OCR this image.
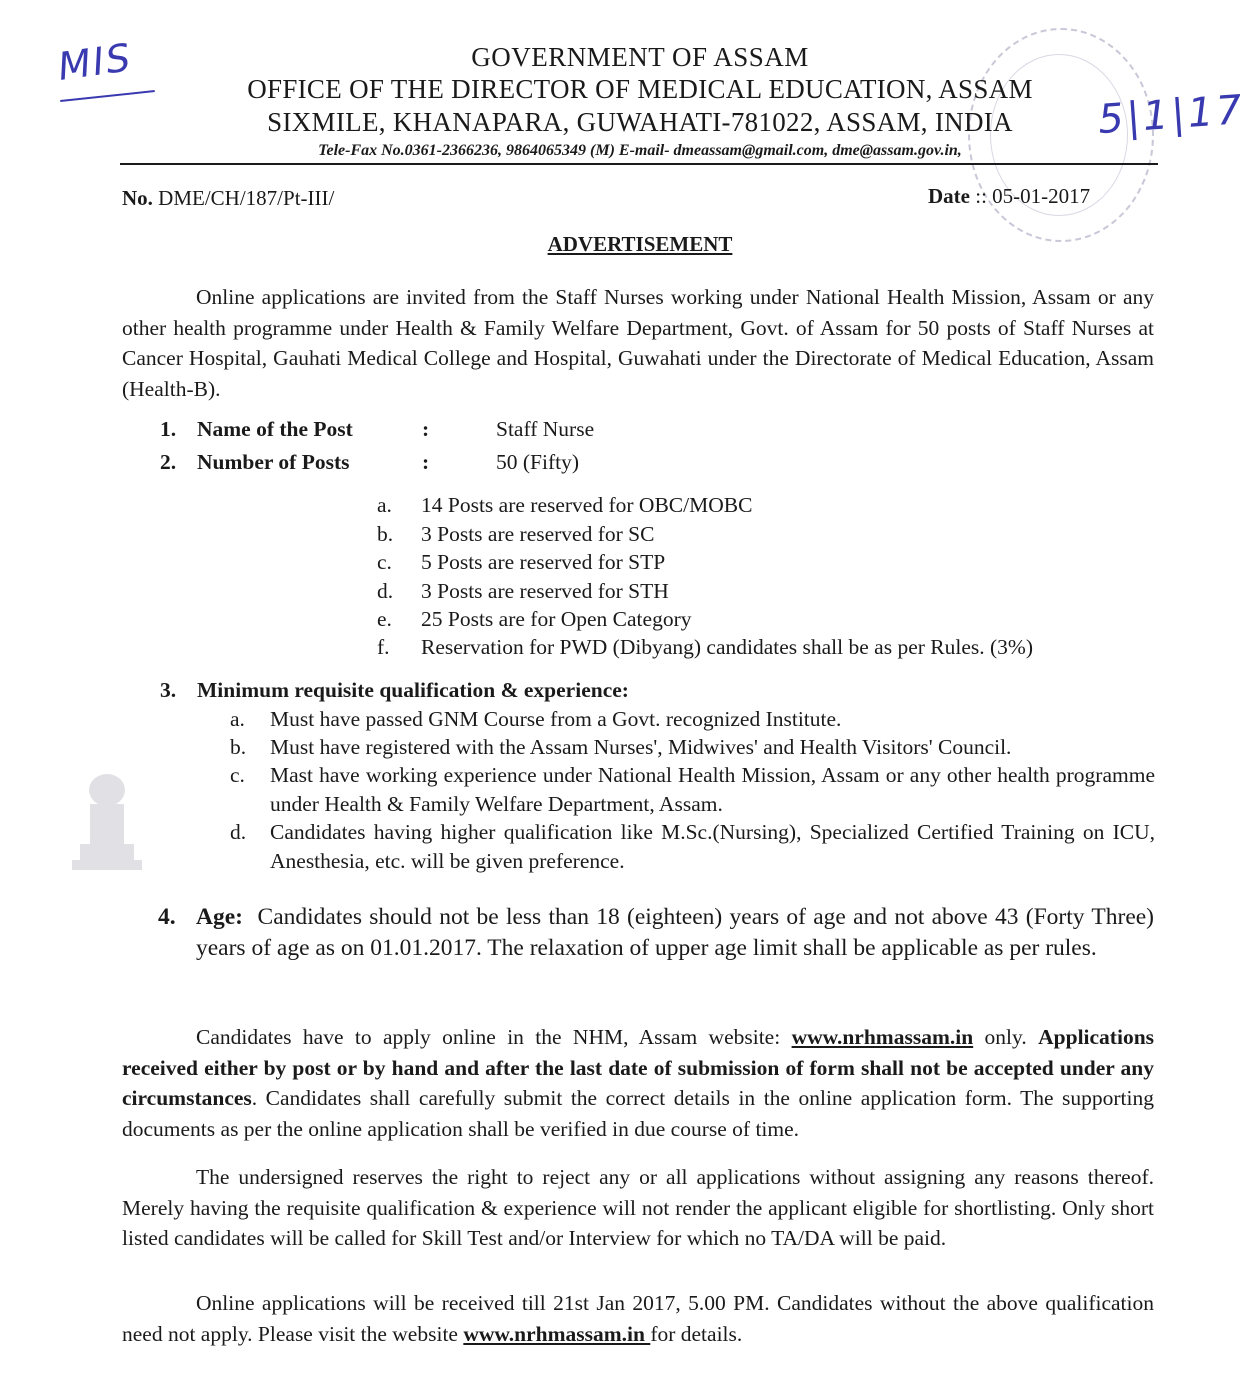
MIS
5|1|17
GOVERNMENT OF ASSAM
OFFICE OF THE DIRECTOR OF MEDICAL EDUCATION, ASSAM
SIXMILE, KHANAPARA, GUWAHATI-781022, ASSAM, INDIA
Tele-Fax No.0361-2366236, 9864065349 (M) E-mail- dmeassam@gmail.com, dme@assam.gov.in,
No. DME/CH/187/Pt-III/	Date :: 05-01-2017
ADVERTISEMENT

Online applications are invited from the Staff Nurses working under National Health Mission, Assam or any other health programme under Health & Family Welfare Department, Govt. of Assam for 50 posts of Staff Nurses at Cancer Hospital, Gauhati Medical College and Hospital, Guwahati under the Directorate of Medical Education, Assam (Health-B).

1. Name of the Post	:	Staff Nurse
2. Number of Posts	:	50 (Fifty)
a. 14 Posts are reserved for OBC/MOBC
b. 3 Posts are reserved for SC
c. 5 Posts are reserved for STP
d. 3 Posts are reserved for STH
e. 25 Posts are for Open Category
f. Reservation for PWD (Dibyang) candidates shall be as per Rules. (3%)
3. Minimum requisite qualification & experience:
a. Must have passed GNM Course from a Govt. recognized Institute.
b. Must have registered with the Assam Nurses', Midwives' and Health Visitors' Council.
c. Mast have working experience under National Health Mission, Assam or any other health programme under Health & Family Welfare Department, Assam.
d. Candidates having higher qualification like M.Sc.(Nursing), Specialized Certified Training on ICU, Anesthesia, etc. will be given preference.
4. Age: Candidates should not be less than 18 (eighteen) years of age and not above 43 (Forty Three) years of age as on 01.01.2017. The relaxation of upper age limit shall be applicable as per rules.

Candidates have to apply online in the NHM, Assam website: www.nrhmassam.in only. Applications received either by post or by hand and after the last date of submission of form shall not be accepted under any circumstances. Candidates shall carefully submit the correct details in the online application form. The supporting documents as per the online application shall be verified in due course of time.

The undersigned reserves the right to reject any or all applications without assigning any reasons thereof. Merely having the requisite qualification & experience will not render the applicant eligible for shortlisting. Only short listed candidates will be called for Skill Test and/or Interview for which no TA/DA will be paid.

Online applications will be received till 21st Jan 2017, 5.00 PM. Candidates without the above qualification need not apply. Please visit the website www.nrhmassam.in for details.
